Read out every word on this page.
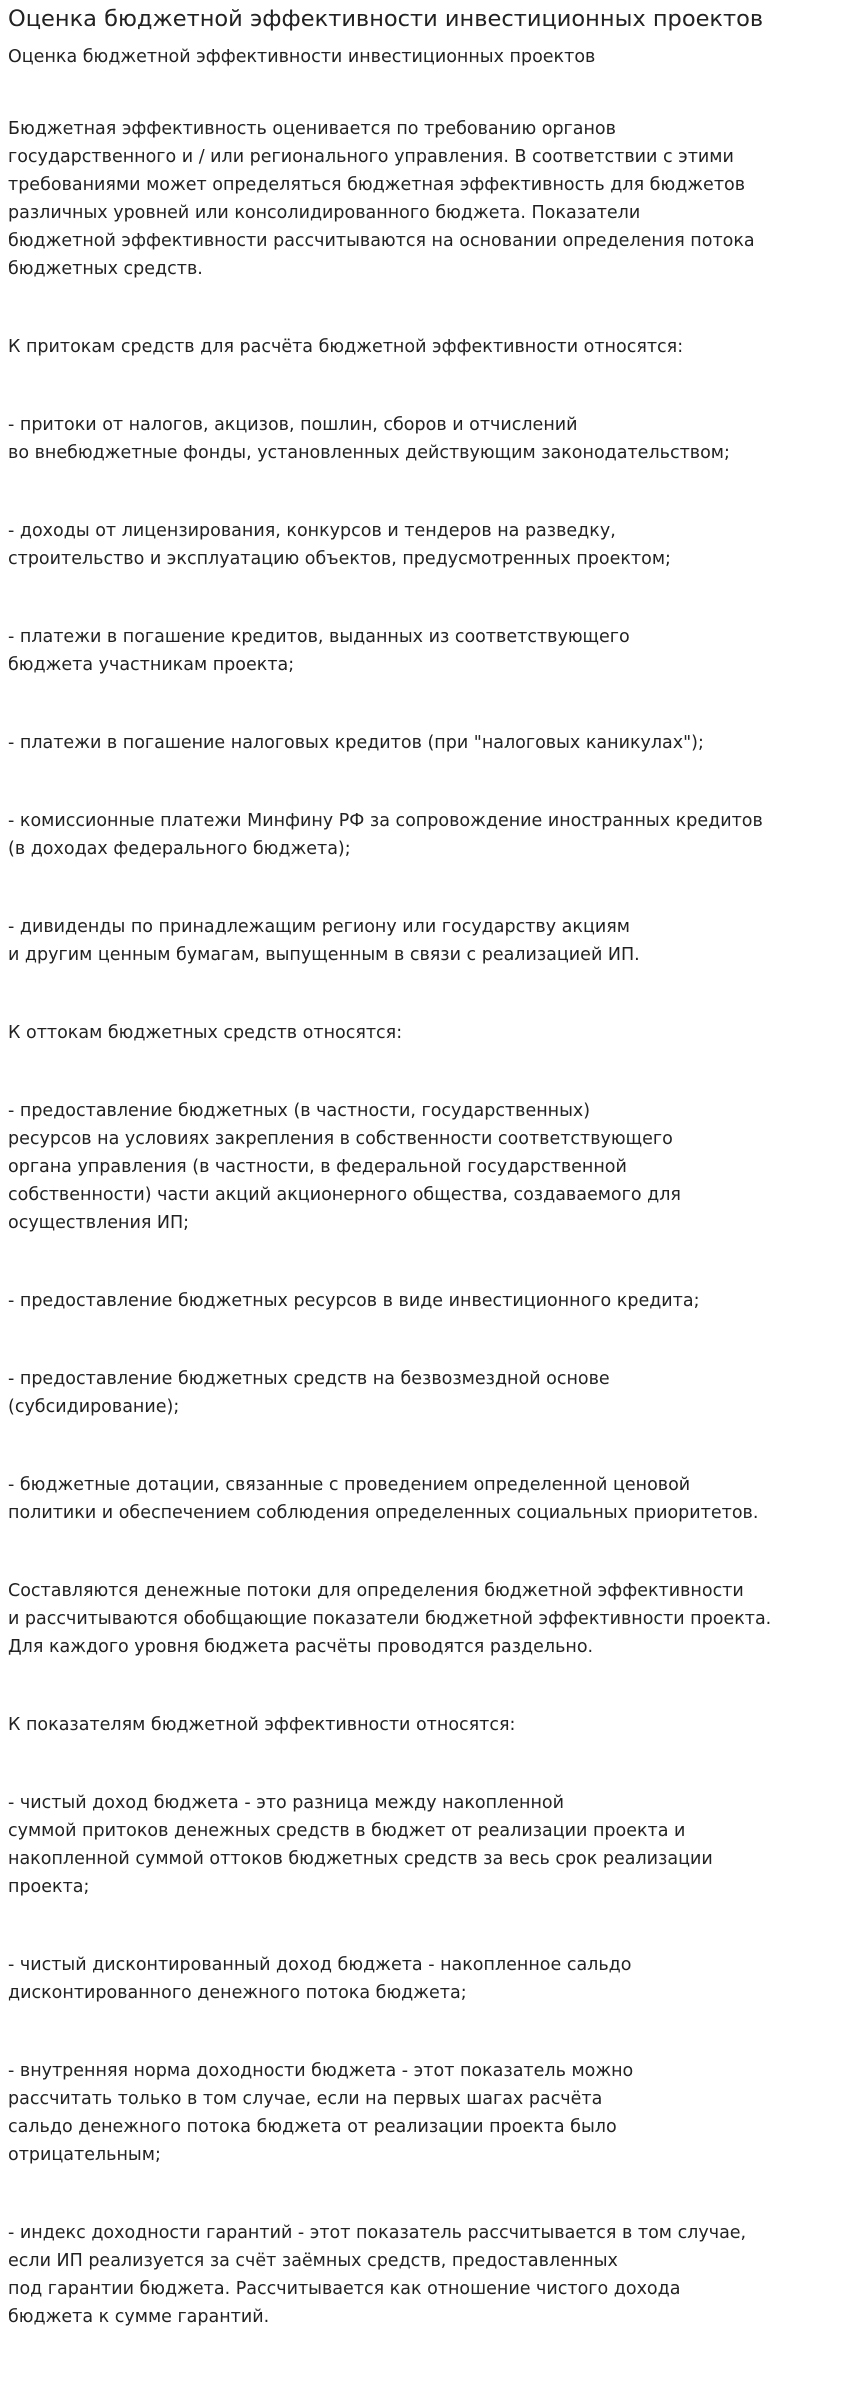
Оценка бюджетной эффективности инвестиционных проектов
Оценка бюджетной эффективности инвестиционных проектов

Бюджетная эффективность оценивается по требованию органов
государственного и / или регионального управления. В соответствии с этими
требованиями может определяться бюджетная эффективность для бюджетов
различных уровней или консолидированного бюджета. Показатели
бюджетной эффективности рассчитываются на основании определения потока
бюджетных средств.

К притокам средств для расчёта бюджетной эффективности относятся:

- притоки от налогов, акцизов, пошлин, сборов и отчислений
во внебюджетные фонды, установленных действующим законодательством;

- доходы от лицензирования, конкурсов и тендеров на разведку,
строительство и эксплуатацию объектов, предусмотренных проектом;

- платежи в погашение кредитов, выданных из соответствующего
бюджета участникам проекта;

- платежи в погашение налоговых кредитов (при "налоговых каникулах");

- комиссионные платежи Минфину РФ за сопровождение иностранных кредитов
(в доходах федерального бюджета);

- дивиденды по принадлежащим региону или государству акциям
и другим ценным бумагам, выпущенным в связи с реализацией ИП.

К оттокам бюджетных средств относятся:

- предоставление бюджетных (в частности, государственных)
ресурсов на условиях закрепления в собственности соответствующего
органа управления (в частности, в федеральной государственной
собственности) части акций акционерного общества, создаваемого для
осуществления ИП;

- предоставление бюджетных ресурсов в виде инвестиционного кредита;

- предоставление бюджетных средств на безвозмездной основе
(субсидирование);

- бюджетные дотации, связанные с проведением определенной ценовой
политики и обеспечением соблюдения определенных социальных приоритетов.

Составляются денежные потоки для определения бюджетной эффективности
и рассчитываются обобщающие показатели бюджетной эффективности проекта.
Для каждого уровня бюджета расчёты проводятся раздельно.

К показателям бюджетной эффективности относятся:

- чистый доход бюджета - это разница между накопленной
суммой притоков денежных средств в бюджет от реализации проекта и
накопленной суммой оттоков бюджетных средств за весь срок реализации
проекта;

- чистый дисконтированный доход бюджета - накопленное сальдо
дисконтированного денежного потока бюджета;

- внутренняя норма доходности бюджета - этот показатель можно
рассчитать только в том случае, если на первых шагах расчёта
сальдо денежного потока бюджета от реализации проекта было
отрицательным;

- индекс доходности гарантий - этот показатель рассчитывается в том случае,
если ИП реализуется за счёт заёмных средств, предоставленных
под гарантии бюджета. Рассчитывается как отношение чистого дохода
бюджета к сумме гарантий.
